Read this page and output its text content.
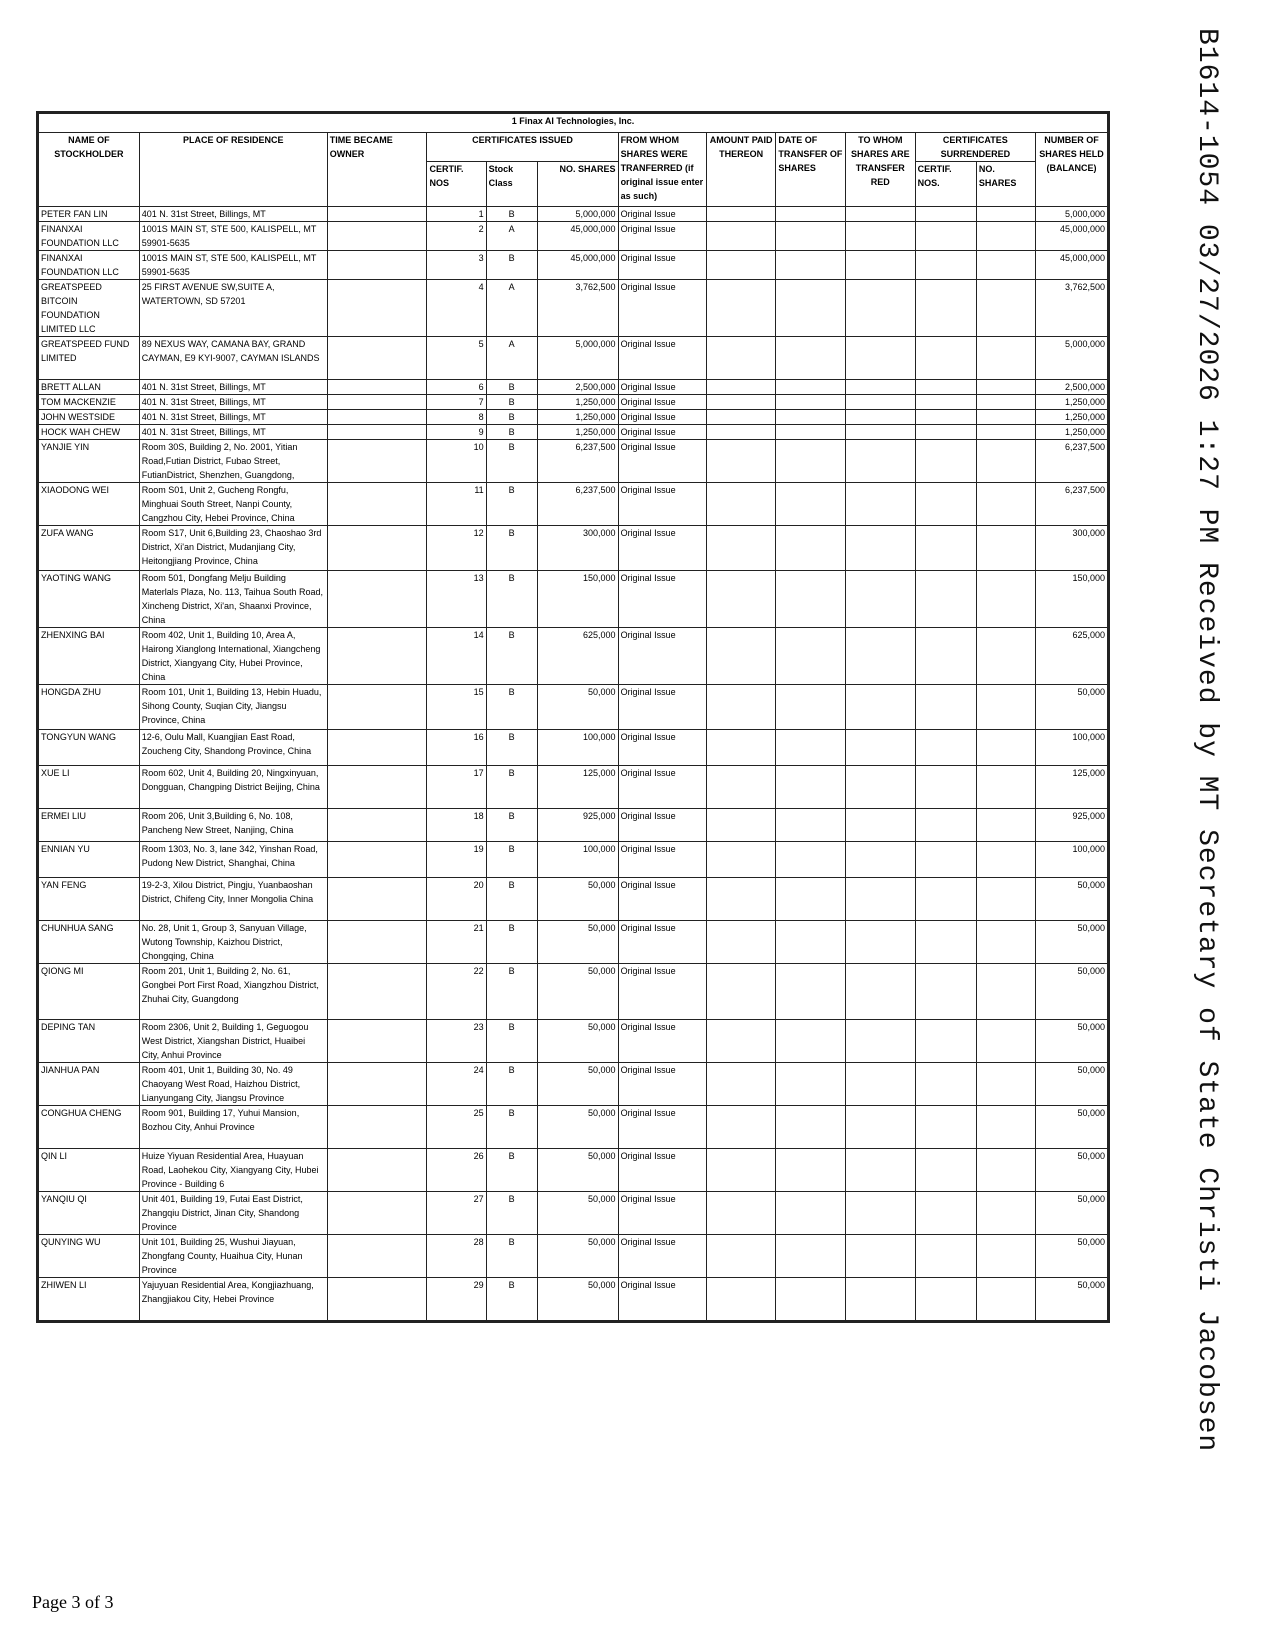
1 Finax AI Technologies, Inc.												
NAME OF STOCKHOLDER	PLACE OF RESIDENCE	TIME BECAME OWNER	CERTIFICATES ISSUED			FROM WHOM SHARES WERE TRANFERRED (if original issue enter as such)	AMOUNT PAID THEREON	DATE OF TRANSFER OF SHARES	TO WHOM SHARES ARE TRANSFER RED	CERTIFICATES SURRENDERED		NUMBER OF SHARES HELD (BALANCE)
			CERTIF. NOS	Stock Class	NO. SHARES					CERTIF. NOS.	NO. SHARES	
PETER FAN LIN	401 N. 31st Street, Billings, MT		1	B	5,000,000	Original Issue						5,000,000
FINANXAI FOUNDATION LLC	1001S MAIN ST, STE 500, KALISPELL, MT 59901-5635		2	A	45,000,000	Original Issue						45,000,000
FINANXAI FOUNDATION LLC	1001S MAIN ST, STE 500, KALISPELL, MT 59901-5635		3	B	45,000,000	Original Issue						45,000,000
GREATSPEED BITCOIN FOUNDATION LIMITED LLC	25 FIRST AVENUE SW,SUITE A, WATERTOWN, SD 57201		4	A	3,762,500	Original Issue						3,762,500
GREATSPEED FUND LIMITED	89 NEXUS WAY, CAMANA BAY, GRAND CAYMAN, E9 KYI-9007, CAYMAN ISLANDS		5	A	5,000,000	Original Issue						5,000,000
BRETT ALLAN	401 N. 31st Street, Billings, MT		6	B	2,500,000	Original Issue						2,500,000
TOM MACKENZIE	401 N. 31st Street, Billings, MT		7	B	1,250,000	Original Issue						1,250,000
JOHN WESTSIDE	401 N. 31st Street, Billings, MT		8	B	1,250,000	Original Issue						1,250,000
HOCK WAH CHEW	401 N. 31st Street, Billings, MT		9	B	1,250,000	Original Issue						1,250,000
YANJIE YIN	Room 30S, Building 2, No. 2001, Yitian Road,Futian District, Fubao Street, FutianDistrict, Shenzhen, Guangdong,		10	B	6,237,500	Original Issue						6,237,500
XIAODONG WEI	Room S01, Unit 2, Gucheng Rongfu, Minghuai South Street, Nanpi County, Cangzhou City, Hebei Province, China		11	B	6,237,500	Original Issue						6,237,500
ZUFA WANG	Room S17, Unit 6,Building 23, Chaoshao 3rd District, Xi'an District, Mudanjiang City, Heitongjiang Province, China		12	B	300,000	Original Issue						300,000
YAOTING WANG	Room 501, Dongfang Melju Building Materlals Plaza, No. 113, Taihua South Road, Xincheng District, Xi'an, Shaanxi Province, China		13	B	150,000	Original Issue						150,000
ZHENXING BAI	Room 402, Unit 1, Building 10, Area A, Hairong Xianglong International, Xiangcheng District, Xiangyang City, Hubei Province, China		14	B	625,000	Original Issue						625,000
HONGDA ZHU	Room 101, Unit 1, Building 13, Hebin Huadu, Sihong County, Suqian City, Jiangsu Province, China		15	B	50,000	Original Issue						50,000
TONGYUN WANG	12-6, Oulu Mall, Kuangjian East Road, Zoucheng City, Shandong Province, China		16	B	100,000	Original Issue						100,000
XUE LI	Room 602, Unit 4, Building 20, Ningxinyuan, Dongguan, Changping District Beijing, China		17	B	125,000	Original Issue						125,000
ERMEI LIU	Room 206, Unit 3,Building 6, No. 108, Pancheng New Street, Nanjing, China		18	B	925,000	Original Issue						925,000
ENNIAN YU	Room 1303, No. 3, lane 342, Yinshan Road, Pudong New District, Shanghai, China		19	B	100,000	Original Issue						100,000
YAN FENG	19-2-3, Xilou District, Pingju, Yuanbaoshan District, Chifeng City, Inner Mongolia China		20	B	50,000	Original Issue						50,000
CHUNHUA SANG	No. 28, Unit 1, Group 3, Sanyuan Village, Wutong Township, Kaizhou District, Chongqing, China		21	B	50,000	Original Issue						50,000
QIONG MI	Room 201, Unit 1, Building 2, No. 61, Gongbei Port First Road, Xiangzhou District, Zhuhai City, Guangdong		22	B	50,000	Original Issue						50,000
DEPING TAN	Room 2306, Unit 2, Building 1, Geguogou West District, Xiangshan District, Huaibei City, Anhui Province		23	B	50,000	Original Issue						50,000
JIANHUA PAN	Room 401, Unit 1, Building 30, No. 49 Chaoyang West Road, Haizhou District, Lianyungang City, Jiangsu Province		24	B	50,000	Original Issue						50,000
CONGHUA CHENG	Room 901, Building 17, Yuhui Mansion, Bozhou City, Anhui Province		25	B	50,000	Original Issue						50,000
QIN LI	Huize Yiyuan Residential Area, Huayuan Road, Laohekou City, Xiangyang City, Hubei Province - Building 6		26	B	50,000	Original Issue						50,000
YANQIU QI	Unit 401, Building 19, Futai East District, Zhangqiu District, Jinan City, Shandong Province		27	B	50,000	Original Issue						50,000
QUNYING WU	Unit 101, Building 25, Wushui Jiayuan, Zhongfang County, Huaihua City, Hunan Province		28	B	50,000	Original Issue						50,000
ZHIWEN LI	Yajuyuan Residential Area, Kongjiazhuang, Zhangjiakou City, Hebei Province		29	B	50,000	Original Issue						50,000	B1614-1054 03/27/2026 1:27 PM Received by MT Secretary of State Christi Jacobsen
Page 3 of 3
